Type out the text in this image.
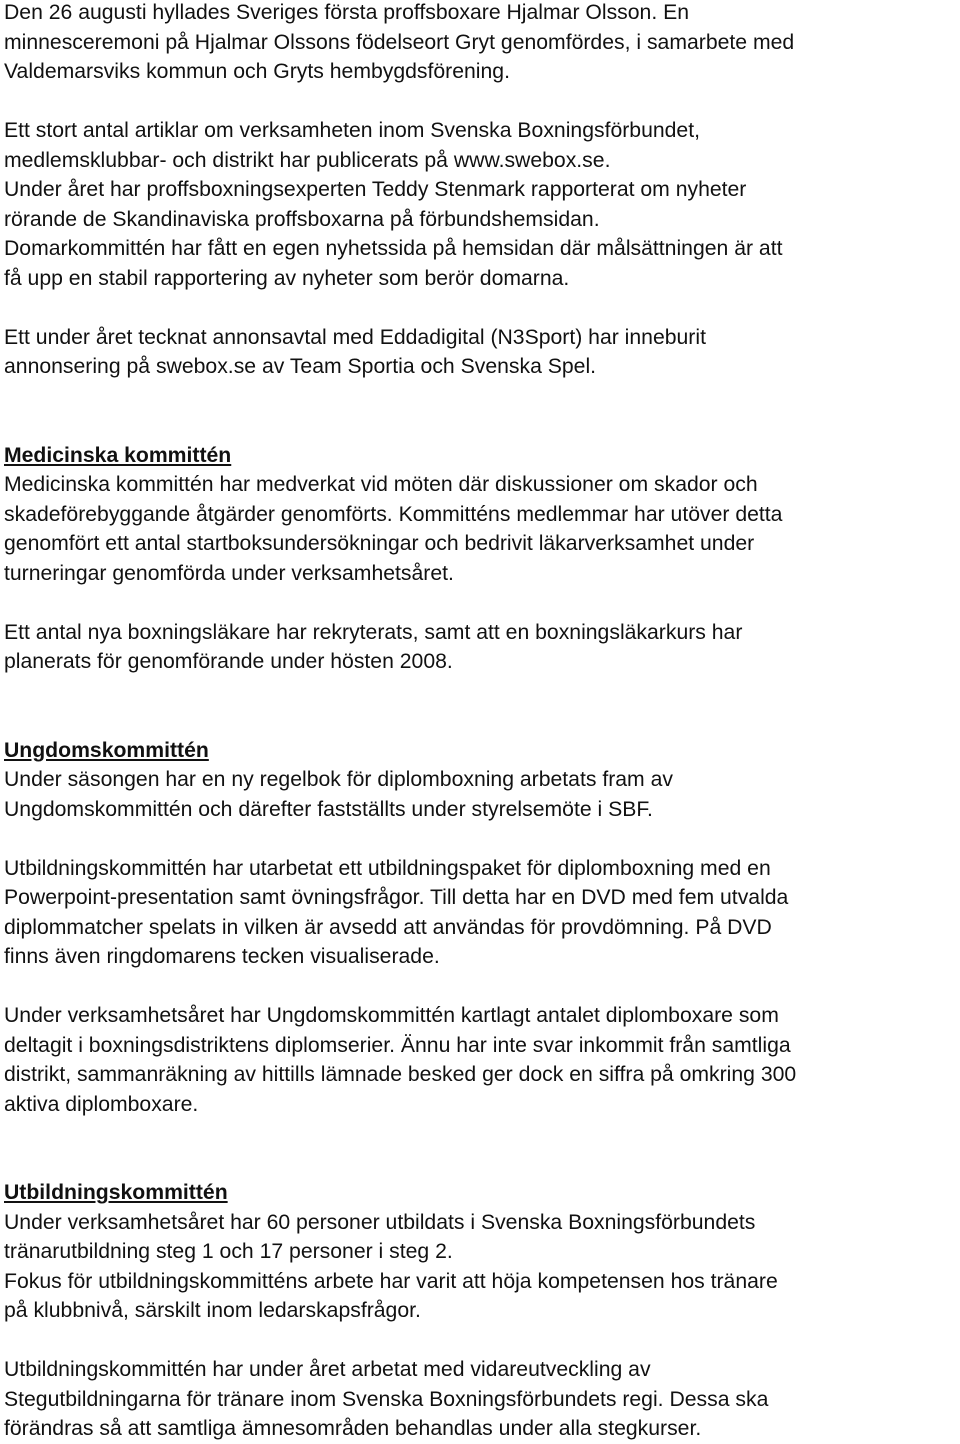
Den 26 augusti hyllades Sveriges första proffsboxare Hjalmar Olsson. En
minnesceremoni på Hjalmar Olssons födelseort Gryt genomfördes, i samarbete med
Valdemarsviks kommun och Gryts hembygdsförening.
Ett stort antal artiklar om verksamheten inom Svenska Boxningsförbundet,
medlemsklubbar- och distrikt har publicerats på www.swebox.se.
Under året har proffsboxningsexperten Teddy Stenmark rapporterat om nyheter
rörande de Skandinaviska proffsboxarna på förbundshemsidan.
Domarkommittén har fått en egen nyhetssida på hemsidan där målsättningen är att
få upp en stabil rapportering av nyheter som berör domarna.
Ett under året tecknat annonsavtal med Eddadigital (N3Sport) har inneburit
annonsering på swebox.se av Team Sportia och Svenska Spel.
Medicinska kommittén
Medicinska kommittén har medverkat vid möten där diskussioner om skador och
skadeförebyggande åtgärder genomförts. Kommitténs medlemmar har utöver detta
genomfört ett antal startboksundersökningar och bedrivit läkarverksamhet under
turneringar genomförda under verksamhetsåret.
Ett antal nya boxningsläkare har rekryterats, samt att en boxningsläkarkurs har
planerats för genomförande under hösten 2008.
Ungdomskommittén
Under säsongen har en ny regelbok för diplomboxning arbetats fram av
Ungdomskommittén och därefter fastställts under styrelsemöte i SBF.
Utbildningskommittén har utarbetat ett utbildningspaket för diplomboxning med en
Powerpoint-presentation samt övningsfrågor. Till detta har en DVD med fem utvalda
diplommatcher spelats in vilken är avsedd att användas för provdömning. På DVD
finns även ringdomarens tecken visualiserade.
Under verksamhetsåret har Ungdomskommittén kartlagt antalet diplomboxare som
deltagit i boxningsdistriktens diplomserier. Ännu har inte svar inkommit från samtliga
distrikt, sammanräkning av hittills lämnade besked ger dock en siffra på omkring 300
aktiva diplomboxare.
Utbildningskommittén
Under verksamhetsåret har 60 personer utbildats i Svenska Boxningsförbundets
tränarutbildning steg 1 och 17 personer i steg 2.
Fokus för utbildningskommitténs arbete har varit att höja kompetensen hos tränare
på klubbnivå, särskilt inom ledarskapsfrågor.
Utbildningskommittén har under året arbetat med vidareutveckling av
Stegutbildningarna för tränare inom Svenska Boxningsförbundets regi. Dessa ska
förändras så att samtliga ämnesområden behandlas under alla stegkurser.
